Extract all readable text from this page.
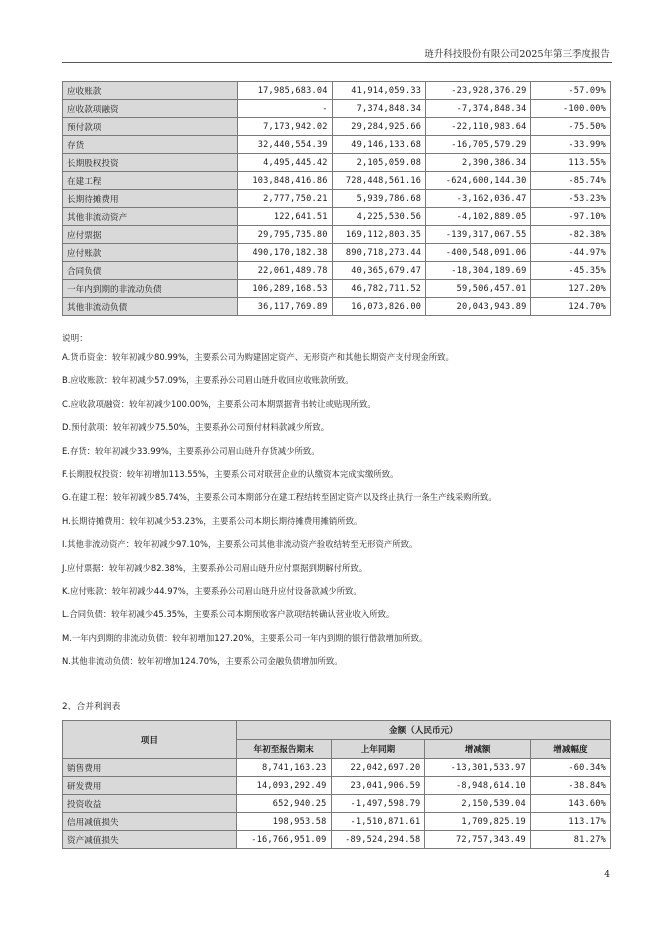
琏升科技股份有限公司2025年第三季度报告
应收账款	17,985,683.04	41,914,059.33	-23,928,376.29	-57.09%
应收款项融资	-	7,374,848.34	-7,374,848.34	-100.00%
预付款项	7,173,942.02	29,284,925.66	-22,110,983.64	-75.50%
存货	32,440,554.39	49,146,133.68	-16,705,579.29	-33.99%
长期股权投资	4,495,445.42	2,105,059.08	2,390,386.34	113.55%
在建工程	103,848,416.86	728,448,561.16	-624,600,144.30	-85.74%
长期待摊费用	2,777,750.21	5,939,786.68	-3,162,036.47	-53.23%
其他非流动资产	122,641.51	4,225,530.56	-4,102,889.05	-97.10%
应付票据	29,795,735.80	169,112,803.35	-139,317,067.55	-82.38%
应付账款	490,170,182.38	890,718,273.44	-400,548,091.06	-44.97%
合同负债	22,061,489.78	40,365,679.47	-18,304,189.69	-45.35%
一年内到期的非流动负债	106,289,168.53	46,782,711.52	59,506,457.01	127.20%
其他非流动负债	36,117,769.89	16,073,826.00	20,043,943.89	124.70%

说明：

A.货币资金：较年初减少80.99%，主要系公司为购建固定资产、无形资产和其他长期资产支付现金所致。

B.应收账款：较年初减少57.09%，主要系孙公司眉山琏升收回应收账款所致。

C.应收款项融资：较年初减少100.00%，主要系公司本期票据背书转让或贴现所致。

D.预付款项：较年初减少75.50%，主要系孙公司预付材料款减少所致。

E.存货：较年初减少33.99%，主要系孙公司眉山琏升存货减少所致。

F.长期股权投资：较年初增加113.55%，主要系公司对联营企业的认缴资本完成实缴所致。

G.在建工程：较年初减少85.74%，主要系公司本期部分在建工程结转至固定资产以及终止执行一条生产线采购所致。

H.长期待摊费用：较年初减少53.23%，主要系公司本期长期待摊费用摊销所致。

I.其他非流动资产：较年初减少97.10%，主要系公司其他非流动资产验收结转至无形资产所致。

J.应付票据：较年初减少82.38%，主要系孙公司眉山琏升应付票据到期解付所致。

K.应付账款：较年初减少44.97%，主要系孙公司眉山琏升应付设备款减少所致。

L.合同负债：较年初减少45.35%，主要系公司本期预收客户款项结转确认营业收入所致。

M.一年内到期的非流动负债：较年初增加127.20%，主要系公司一年内到期的银行借款增加所致。

N.其他非流动负债：较年初增加124.70%，主要系公司金融负债增加所致。

2、合并利润表
项目	金额（人民币元）			
	年初至报告期末	上年同期	增减额	增减幅度
销售费用	8,741,163.23	22,042,697.20	-13,301,533.97	-60.34%
研发费用	14,093,292.49	23,041,906.59	-8,948,614.10	-38.84%
投资收益	652,940.25	-1,497,598.79	2,150,539.04	143.60%
信用减值损失	198,953.58	-1,510,871.61	1,709,825.19	113.17%
资产减值损失	-16,766,951.09	-89,524,294.58	72,757,343.49	81.27%
4
